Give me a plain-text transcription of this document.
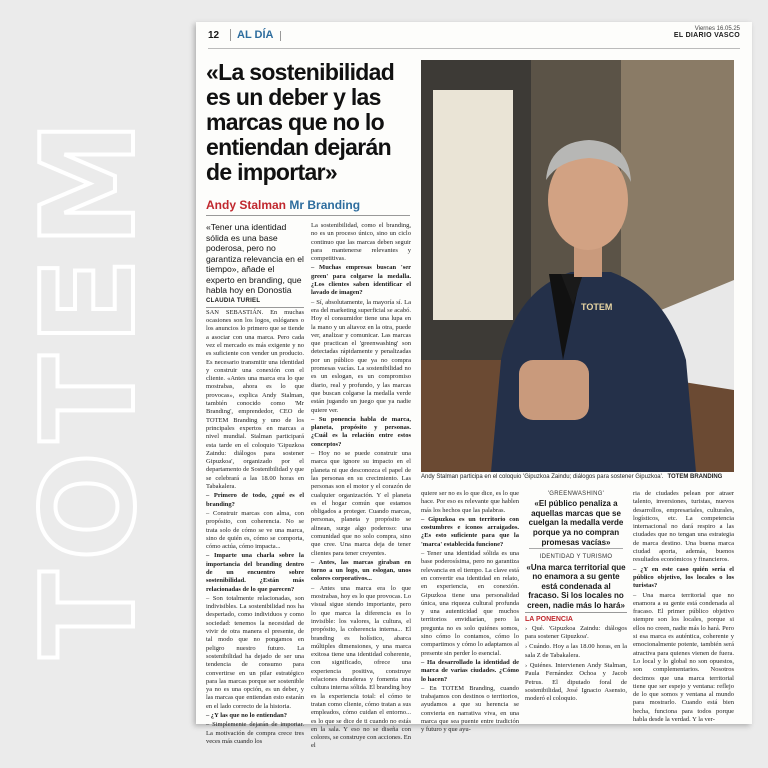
TOTEM
12	AL DÍA	Viernes 16.05.25
EL DIARIO VASCO
«La sostenibilidad es un deber y las marcas que no lo entiendan dejarán de importar»
Andy Stalman Mr Branding
TOTEM
Andy Stalman participa en el coloquio 'Gipuzkoa Zaindu; diálogos para sostener Gipuzkoa'. TOTEM BRANDING

«Tener una identidad sólida es una base poderosa, pero no garantiza relevancia en el tiempo», añade el experto en branding, que habla hoy en Donostia

CLAUDIA TURIEL

SAN SEBASTIÁN. En muchas ocasiones son los logos, eslóganes o los anuncios lo primero que se tiende a asociar con una marca. Pero cada vez el mercado es más exigente y no es suficiente con vender un producto. Es necesario transmitir una identidad y construir una conexión con el cliente. «Antes una marca era lo que mostrabas, ahora es lo que provocas», explica Andy Stalman, también conocido como 'Mr Branding', emprendedor, CEO de TOTEM Branding y uno de los principales expertos en marcas a nivel mundial. Stalman participará esta tarde en el coloquio 'Gipuzkoa Zaindu: diálogos para sostener Gipuzkoa', organizado por el departamento de Sostenibilidad y que se celebrará a las 18.00 horas en Tabakalera.

– Primero de todo, ¿qué es el branding?

– Construir marcas con alma, con propósito, con coherencia. No se trata solo de cómo se ve una marca, sino de quién es, cómo se comporta, cómo actúa, cómo impacta...

– Imparte una charla sobre la importancia del branding dentro de un encuentro sobre sostenibilidad. ¿Están más relacionadas de lo que parecen?

– Son totalmente relacionadas, son indivisibles. La sostenibilidad nos ha despertado, como individuos y como sociedad: tenemos la necesidad de vivir de otra manera el presente, de tal modo que no pongamos en peligro nuestro futuro. La sostenibilidad ha dejado de ser una tendencia de consumo para convertirse en un pilar estratégico para las marcas porque ser sostenible ya no es una opción, es un deber, y las marcas que entiendan esto estarán en el lado correcto de la historia.

– ¿Y las que no lo entiendan?

– Simplemente dejarán de importar. La motivación de compra crece tres veces más cuando los

La sostenibilidad, como el branding, no es un proceso único, sino un ciclo continuo que las marcas deben seguir para mantenerse relevantes y competitivas.

– Muchas empresas buscan 'ser green' para colgarse la medalla. ¿Los clientes saben identificar el lavado de imagen?

– Sí, absolutamente, la mayoría sí. La era del marketing superficial se acabó. Hoy el consumidor tiene una lupa en la mano y un altavoz en la otra, puede ver, analizar y comunicar. Las marcas que practican el 'greenwashing' son detectadas rápidamente y penalizadas por un público que ya no compra promesas vacías. La sostenibilidad no es un eslogan, es un compromiso diario, real y profundo, y las marcas que buscan colgarse la medalla verde están jugando un juego que ya nadie quiere ver.

– Su ponencia habla de marca, planeta, propósito y personas. ¿Cuál es la relación entre estos conceptos?

– Hoy no se puede construir una marca que ignore su impacto en el planeta ni que desconozca el papel de las personas en su crecimiento. Las personas son el motor y el corazón de cualquier organización. Y el planeta es el hogar común que estamos obligados a proteger. Cuando marcas, personas, planeta y propósito se alinean, surge algo poderoso: una comunidad que no solo compra, sino que cree. Una marca deja de tener clientes para tener creyentes.

– Antes, las marcas giraban en torno a un logo, un eslogan, unos colores corporativos...

– Antes una marca era lo que mostrabas, hoy es lo que provocas. Lo visual sigue siendo importante, pero lo que marca la diferencia es lo invisible: los valores, la cultura, el propósito, la coherencia interna... El branding es holístico, abarca múltiples dimensiones, y una marca exitosa tiene una identidad coherente, con significado, ofrece una experiencia positiva, construye relaciones duraderas y fomenta una cultura interna sólida. El branding hoy es la experiencia total: el cómo te tratan como cliente, cómo tratan a sus empleados, cómo cuidan el entorno... es lo que se dice de ti cuando no estás en la sala. Y eso no se diseña con colores, se construye con acciones. En el

quiere ser no es lo que dice, es lo que hace. Por eso es relevante que hablen más los hechos que las palabras.

– Gipuzkoa es un territorio con costumbres e iconos arraigados. ¿Es esto suficiente para que la 'marca' establecida funcione?

– Tener una identidad sólida es una base poderosísima, pero no garantiza relevancia en el tiempo. La clave está en convertir esa identidad en relato, en experiencia, en conexión. Gipuzkoa tiene una personalidad única, una riqueza cultural profunda y una autenticidad que muchos territorios envidiarían, pero la pregunta no es solo quiénes somos, sino cómo lo contamos, cómo lo compartimos y cómo lo adaptamos al presente sin perder lo esencial.

– Ha desarrollado la identidad de marca de varias ciudades. ¿Cómo lo hacen?

– En TOTEM Branding, cuando trabajamos con destinos o territorios, ayudamos a que su herencia se convierta en narrativa viva, en una marca que sea puente entre tradición y futuro y que ayu-

'GREENWASHING'

«El público penaliza a aquellas marcas que se cuelgan la medalla verde porque ya no compran promesas vacías»

IDENTIDAD Y TURISMO

«Una marca territorial que no enamora a su gente está condenada al fracaso. Si los locales no creen, nadie más lo hará»

LA PONENCIA

› Qué. 'Gipuzkoa Zaindu: diálogos para sostener Gipuzkoa'.

› Cuándo. Hoy a las 18.00 horas, en la sala Z de Tabakalera.

› Quiénes. Intervienen Andy Stalman, Paula Fernández Ochoa y Jacob Petrus. El diputado foral de sostenibilidad, José Ignacio Asensio, moderó el coloquio.

ria de ciudades pelean por atraer talento, inversiones, turistas, nuevos desarrollos, empresariales, culturales, logísticos, etc. La competencia internacional no dará respiro a las ciudades que no tengan una estrategia de marca destino. Una buena marca ciudad aporta, además, buenos resultados económicos y financieros.

– ¿Y en este caso quién sería el público objetivo, los locales o los turistas?

– Una marca territorial que no enamora a su gente está condenada al fracaso. El primer público objetivo siempre son los locales, porque si ellos no creen, nadie más lo hará. Pero si esa marca es auténtica, coherente y emocionalmente potente, también será atractiva para quienes vienen de fuera. Lo local y lo global no son opuestos, son complementarios. Nosotros decimos que una marca territorial tiene que ser espejo y ventana: reflejo de lo que somos y ventana al mundo para mostrarlo. Cuando está bien hecha, funciona para todos porque habla desde la verdad. Y la ver-
